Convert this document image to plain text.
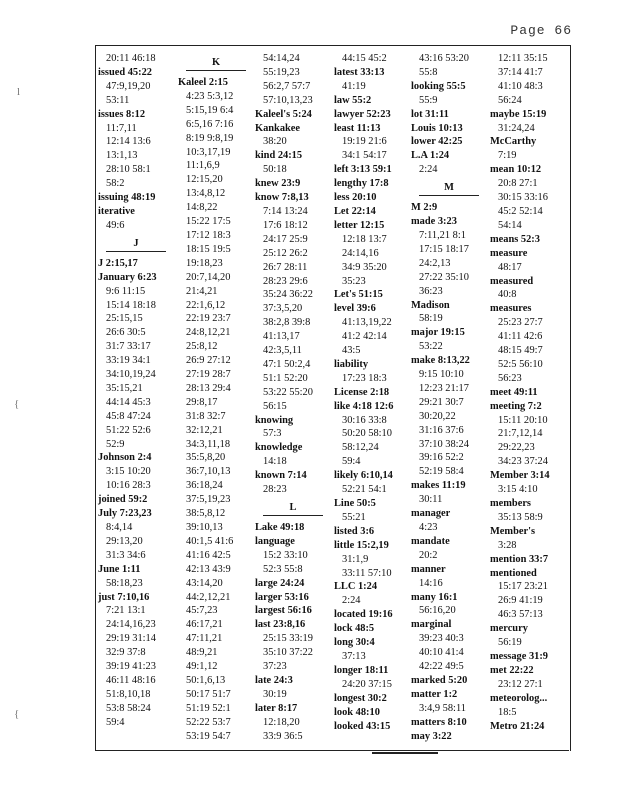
Page 66
l
{
{
20:11 46:18
issued 45:22
47:9,19,20
53:11
issues 8:12
11:7,11
12:14 13:6
13:1,13
28:10 58:1
58:2
issuing 48:19
iterative
49:6
J
J 2:15,17
January 6:23
9:6 11:15
15:14 18:18
25:15,15
26:6 30:5
31:7 33:17
33:19 34:1
34:10,19,24
35:15,21
44:14 45:3
45:8 47:24
51:22 52:6
52:9
Johnson 2:4
3:15 10:20
10:16 28:3
joined 59:2
July 7:23,23
8:4,14
29:13,20
31:3 34:6
June 1:11
58:18,23
just 7:10,16
7:21 13:1
24:14,16,23
29:19 31:14
32:9 37:8
39:19 41:23
46:11 48:16
51:8,10,18
53:8 58:24
59:4
K
Kaleel 2:15
4:23 5:3,12
5:15,19 6:4
6:5,16 7:16
8:19 9:8,19
10:3,17,19
11:1,6,9
12:15,20
13:4,8,12
14:8,22
15:22 17:5
17:12 18:3
18:15 19:5
19:18,23
20:7,14,20
21:4,21
22:1,6,12
22:19 23:7
24:8,12,21
25:8,12
26:9 27:12
27:19 28:7
28:13 29:4
29:8,17
31:8 32:7
32:12,21
34:3,11,18
35:5,8,20
36:7,10,13
36:18,24
37:5,19,23
38:5,8,12
39:10,13
40:1,5 41:6
41:16 42:5
42:13 43:9
43:14,20
44:2,12,21
45:7,23
46:17,21
47:11,21
48:9,21
49:1,12
50:1,6,13
50:17 51:7
51:19 52:1
52:22 53:7
53:19 54:7
54:14,24
55:19,23
56:2,7 57:7
57:10,13,23
Kaleel's 5:24
Kankakee
38:20
kind 24:15
50:18
knew 23:9
know 7:8,13
7:14 13:24
17:6 18:12
24:17 25:9
25:12 26:2
26:7 28:11
28:23 29:6
35:24 36:22
37:3,5,20
38:2,8 39:8
41:13,17
42:3,5,11
47:1 50:2,4
51:1 52:20
53:22 55:20
56:15
knowing
57:3
knowledge
14:18
known 7:14
28:23
L
Lake 49:18
language
15:2 33:10
52:3 55:8
large 24:24
larger 53:16
largest 56:16
last 23:8,16
25:15 33:19
35:10 37:22
37:23
late 24:3
30:19
later 8:17
12:18,20
33:9 36:5
44:15 45:2
latest 33:13
41:19
law 55:2
lawyer 52:23
least 11:13
19:19 21:6
34:1 54:17
left 3:13 59:1
lengthy 17:8
less 20:10
Let 22:14
letter 12:15
12:18 13:7
24:14,16
34:9 35:20
35:23
Let's 51:15
level 39:6
41:13,19,22
41:2 42:14
43:5
liability
17:23 18:3
License 2:18
like 4:18 12:6
30:16 33:8
50:20 58:10
58:12,24
59:4
likely 6:10,14
52:21 54:1
Line 50:5
55:21
listed 3:6
little 15:2,19
31:1,9
33:11 57:10
LLC 1:24
2:24
located 19:16
lock 48:5
long 30:4
37:13
longer 18:11
24:20 37:15
longest 30:2
look 48:10
looked 43:15
43:16 53:20
55:8
looking 55:5
55:9
lot 31:11
Louis 10:13
lower 42:25
L.A 1:24
2:24
M
M 2:9
made 3:23
7:11,21 8:1
17:15 18:17
24:2,13
27:22 35:10
36:23
Madison
58:19
major 19:15
53:22
make 8:13,22
9:15 10:10
12:23 21:17
29:21 30:7
30:20,22
31:16 37:6
37:10 38:24
39:16 52:2
52:19 58:4
makes 11:19
30:11
manager
4:23
mandate
20:2
manner
14:16
many 16:1
56:16,20
marginal
39:23 40:3
40:10 41:4
42:22 49:5
marked 5:20
matter 1:2
3:4,9 58:11
matters 8:10
may 3:22
12:11 35:15
37:14 41:7
41:10 48:3
56:24
maybe 15:19
31:24,24
McCarthy
7:19
mean 10:12
20:8 27:1
30:15 33:16
45:2 52:14
54:14
means 52:3
measure
48:17
measured
40:8
measures
25:23 27:7
41:11 42:6
48:15 49:7
52:5 56:10
56:23
meet 49:11
meeting 7:2
15:11 20:10
21:7,12,14
29:22,23
34:23 37:24
Member 3:14
3:15 4:10
members
35:13 58:9
Member's
3:28
mention 33:7
mentioned
15:17 23:21
26:9 41:19
46:3 57:13
mercury
56:19
message 31:9
met 22:22
23:12 27:1
meteorolog...
18:5
Metro 21:24
